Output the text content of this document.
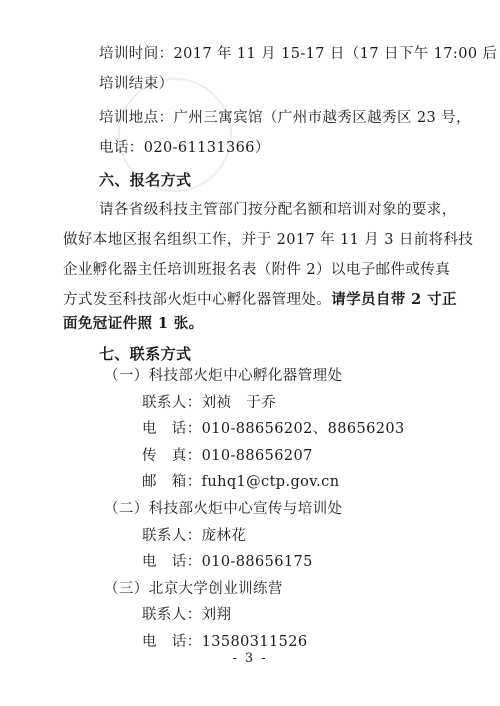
培训时间：2017 年 11 月 15-17 日（17 日下午 17:00 后
培训结束）
培训地点：广州三寓宾馆（广州市越秀区越秀区 23 号，
电话：020-61131366）
六、报名方式
请各省级科技主管部门按分配名额和培训对象的要求，
做好本地区报名组织工作，并于 2017 年 11 月 3 日前将科技
企业孵化器主任培训班报名表（附件 2）以电子邮件或传真
方式发至科技部火炬中心孵化器管理处。请学员自带 2 寸正
面免冠证件照 1 张。
七、联系方式
（一）科技部火炬中心孵化器管理处
联系人：刘祯　于乔
电　话：010-88656202、88656203
传　真：010-88656207
邮　箱：fuhq1@ctp.gov.cn
（二）科技部火炬中心宣传与培训处
联系人：庞林花
电　话：010-88656175
（三）北京大学创业训练营
联系人：刘翔
电　话：13580311526
- 3 -
